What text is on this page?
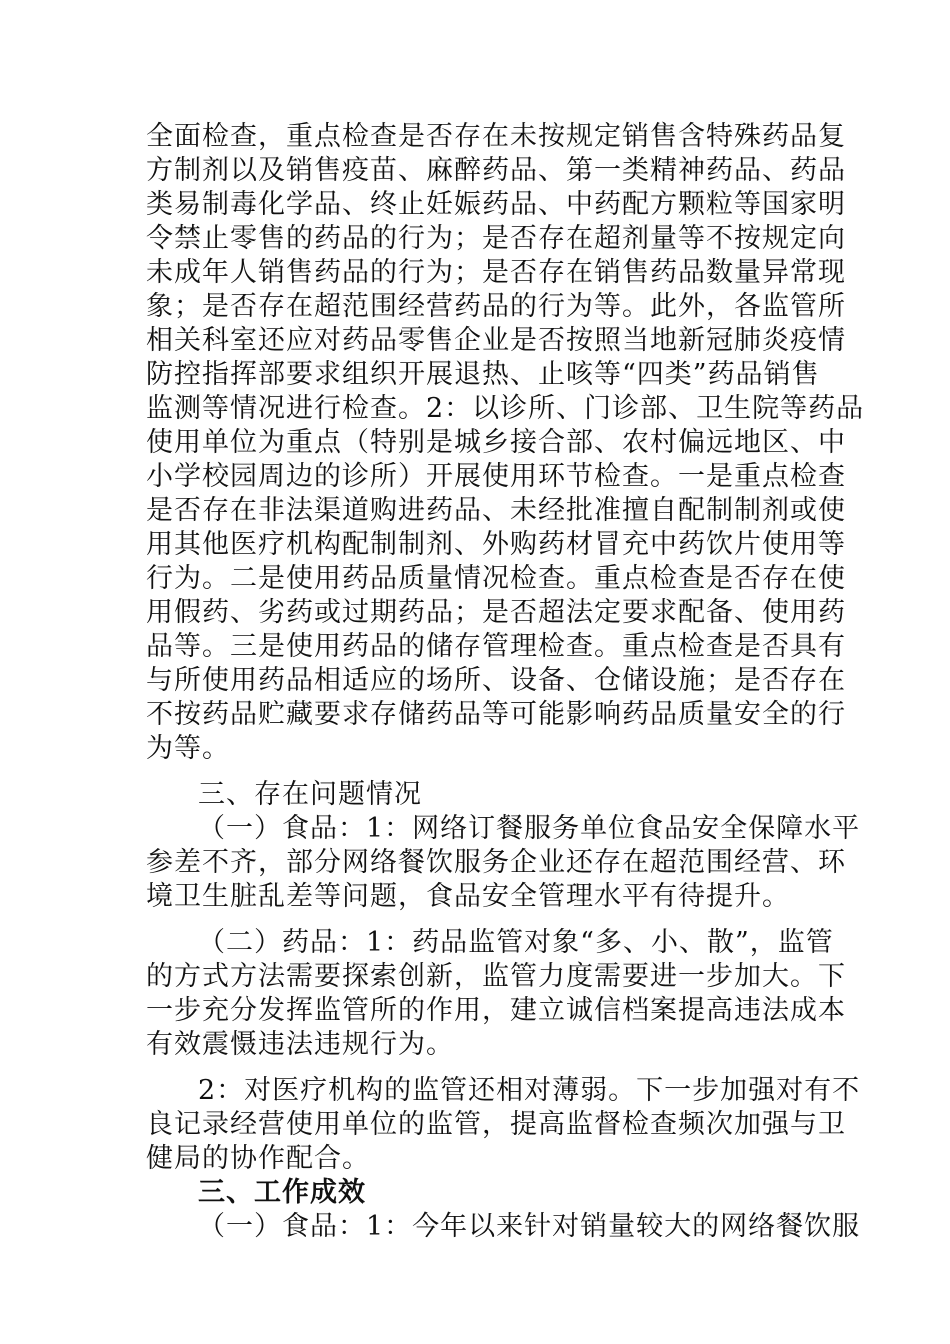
全面检查，重点检查是否存在未按规定销售含特殊药品复
方制剂以及销售疫苗、麻醉药品、第一类精神药品、药品
类易制毒化学品、终止妊娠药品、中药配方颗粒等国家明
令禁止零售的药品的行为；是否存在超剂量等不按规定向
未成年人销售药品的行为；是否存在销售药品数量异常现
象；是否存在超范围经营药品的行为等。此外，各监管所
相关科室还应对药品零售企业是否按照当地新冠肺炎疫情
防控指挥部要求组织开展退热、止咳等“四类”药品销售
监测等情况进行检查。2：以诊所、门诊部、卫生院等药品
使用单位为重点（特别是城乡接合部、农村偏远地区、中
小学校园周边的诊所）开展使用环节检查。一是重点检查
是否存在非法渠道购进药品、未经批准擅自配制制剂或使
用其他医疗机构配制制剂、外购药材冒充中药饮片使用等
行为。二是使用药品质量情况检查。重点检查是否存在使
用假药、劣药或过期药品；是否超法定要求配备、使用药
品等。三是使用药品的储存管理检查。重点检查是否具有
与所使用药品相适应的场所、设备、仓储设施；是否存在
不按药品贮藏要求存储药品等可能影响药品质量安全的行
为等。
三、存在问题情况
（一）食品：1：网络订餐服务单位食品安全保障水平
参差不齐，部分网络餐饮服务企业还存在超范围经营、环
境卫生脏乱差等问题，食品安全管理水平有待提升。
（二）药品：1：药品监管对象“多、小、散”，监管
的方式方法需要探索创新，监管力度需要进一步加大。下
一步充分发挥监管所的作用，建立诚信档案提高违法成本
有效震慑违法违规行为。
2：对医疗机构的监管还相对薄弱。下一步加强对有不
良记录经营使用单位的监管，提高监督检查频次加强与卫
健局的协作配合。
三、工作成效
（一）食品：1：今年以来针对销量较大的网络餐饮服
